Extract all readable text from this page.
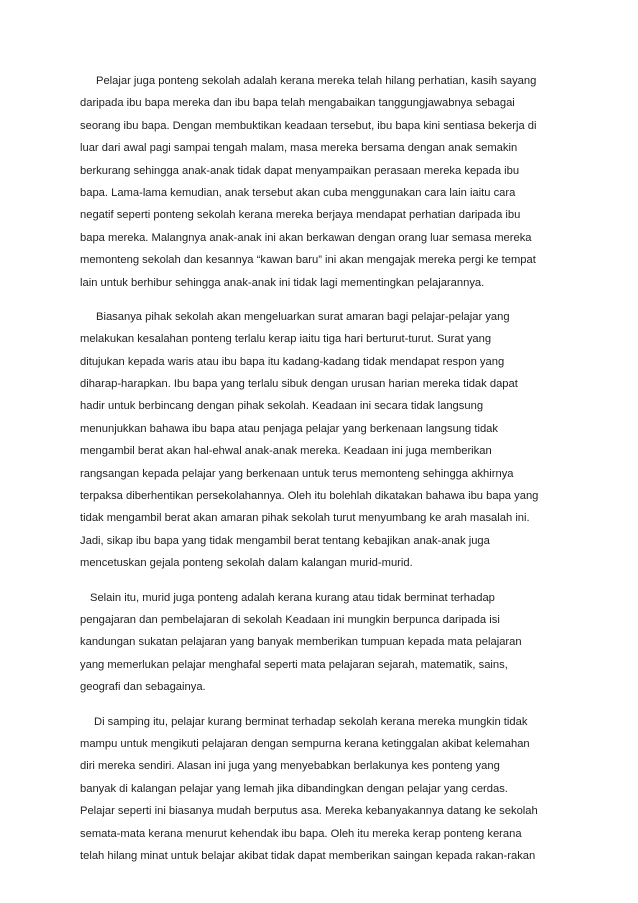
Pelajar juga ponteng sekolah adalah kerana mereka telah hilang perhatian, kasih sayang
daripada ibu bapa mereka dan ibu bapa telah mengabaikan tanggungjawabnya sebagai
seorang ibu bapa. Dengan membuktikan keadaan tersebut, ibu bapa kini sentiasa bekerja di
luar dari awal pagi sampai tengah malam, masa mereka bersama dengan anak semakin
berkurang sehingga anak-anak tidak dapat menyampaikan perasaan mereka kepada ibu
bapa. Lama-lama kemudian, anak tersebut akan cuba menggunakan cara lain iaitu cara
negatif seperti ponteng sekolah kerana mereka berjaya mendapat perhatian daripada ibu
bapa mereka. Malangnya anak-anak ini akan berkawan dengan orang luar semasa mereka
memonteng sekolah dan kesannya “kawan baru” ini akan mengajak mereka pergi ke tempat
lain untuk berhibur sehingga anak-anak ini tidak lagi mementingkan pelajarannya.
Biasanya pihak sekolah akan mengeluarkan surat amaran bagi pelajar-pelajar yang
melakukan kesalahan ponteng terlalu kerap iaitu tiga hari berturut-turut. Surat yang
ditujukan kepada waris atau ibu bapa itu kadang-kadang tidak mendapat respon yang
diharap-harapkan. Ibu bapa yang terlalu sibuk dengan urusan harian mereka tidak dapat
hadir untuk berbincang dengan pihak sekolah. Keadaan ini secara tidak langsung
menunjukkan bahawa ibu bapa atau penjaga pelajar yang berkenaan langsung tidak
mengambil berat akan hal-ehwal anak-anak mereka. Keadaan ini juga memberikan
rangsangan kepada pelajar yang berkenaan untuk terus memonteng sehingga akhirnya
terpaksa diberhentikan persekolahannya. Oleh itu bolehlah dikatakan bahawa ibu bapa yang
tidak mengambil berat akan amaran pihak sekolah turut menyumbang ke arah masalah ini.
Jadi, sikap ibu bapa yang tidak mengambil berat tentang kebajikan anak-anak juga
mencetuskan gejala ponteng sekolah dalam kalangan murid-murid.
Selain itu, murid juga ponteng adalah kerana kurang atau tidak berminat terhadap
pengajaran dan pembelajaran di sekolah Keadaan ini mungkin berpunca daripada isi
kandungan sukatan pelajaran yang banyak memberikan tumpuan kepada mata pelajaran
yang memerlukan pelajar menghafal seperti mata pelajaran sejarah, matematik, sains,
geografi dan sebagainya.
Di samping itu, pelajar kurang berminat terhadap sekolah kerana mereka mungkin tidak
mampu untuk mengikuti pelajaran dengan sempurna kerana ketinggalan akibat kelemahan
diri mereka sendiri. Alasan ini juga yang menyebabkan berlakunya kes ponteng yang
banyak di kalangan pelajar yang lemah jika dibandingkan dengan pelajar yang cerdas.
Pelajar seperti ini biasanya mudah berputus asa. Mereka kebanyakannya datang ke sekolah
semata-mata kerana menurut kehendak ibu bapa. Oleh itu mereka kerap ponteng kerana
telah hilang minat untuk belajar akibat tidak dapat memberikan saingan kepada rakan-rakan
